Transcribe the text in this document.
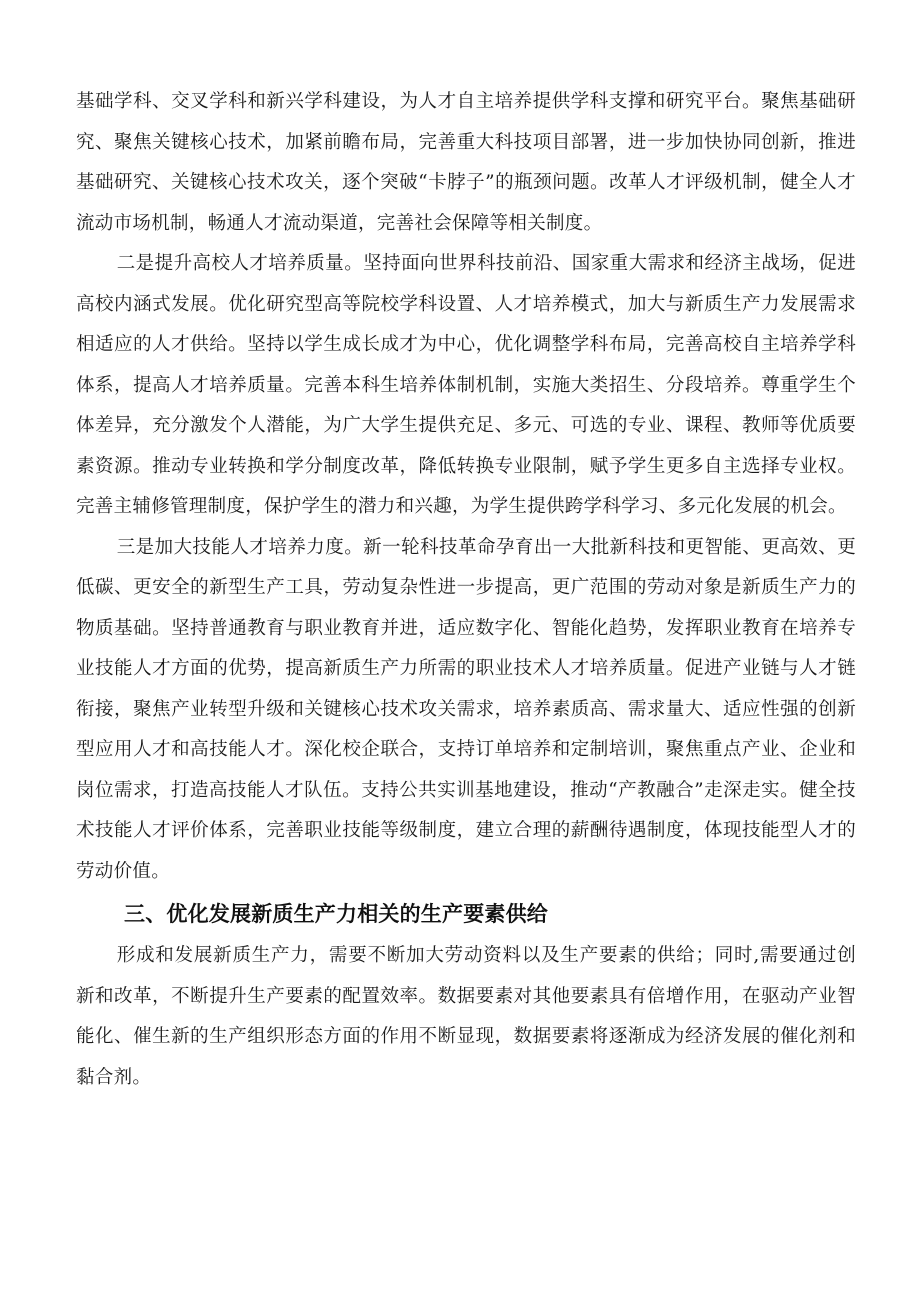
基础学科、交叉学科和新兴学科建设，为人才自主培养提供学科支撑和研究平台。聚焦基础研究、聚焦关键核心技术，加紧前瞻布局，完善重大科技项目部署，进一步加快协同创新，推进基础研究、关键核心技术攻关，逐个突破“卡脖子”的瓶颈问题。改革人才评级机制，健全人才流动市场机制，畅通人才流动渠道，完善社会保障等相关制度。

二是提升高校人才培养质量。坚持面向世界科技前沿、国家重大需求和经济主战场，促进高校内涵式发展。优化研究型高等院校学科设置、人才培养模式，加大与新质生产力发展需求相适应的人才供给。坚持以学生成长成才为中心，优化调整学科布局，完善高校自主培养学科体系，提高人才培养质量。完善本科生培养体制机制，实施大类招生、分段培养。尊重学生个体差异，充分激发个人潜能，为广大学生提供充足、多元、可选的专业、课程、教师等优质要素资源。推动专业转换和学分制度改革，降低转换专业限制，赋予学生更多自主选择专业权。完善主辅修管理制度，保护学生的潜力和兴趣，为学生提供跨学科学习、多元化发展的机会。

三是加大技能人才培养力度。新一轮科技革命孕育出一大批新科技和更智能、更高效、更低碳、更安全的新型生产工具，劳动复杂性进一步提高，更广范围的劳动对象是新质生产力的物质基础。坚持普通教育与职业教育并进，适应数字化、智能化趋势，发挥职业教育在培养专业技能人才方面的优势，提高新质生产力所需的职业技术人才培养质量。促进产业链与人才链衔接，聚焦产业转型升级和关键核心技术攻关需求，培养素质高、需求量大、适应性强的创新型应用人才和高技能人才。深化校企联合，支持订单培养和定制培训，聚焦重点产业、企业和岗位需求，打造高技能人才队伍。支持公共实训基地建设，推动“产教融合”走深走实。健全技术技能人才评价体系，完善职业技能等级制度，建立合理的薪酬待遇制度，体现技能型人才的劳动价值。

三、优化发展新质生产力相关的生产要素供给

形成和发展新质生产力，需要不断加大劳动资料以及生产要素的供给；同时,需要通过创新和改革，不断提升生产要素的配置效率。数据要素对其他要素具有倍增作用，在驱动产业智能化、催生新的生产组织形态方面的作用不断显现，数据要素将逐渐成为经济发展的催化剂和黏合剂。
